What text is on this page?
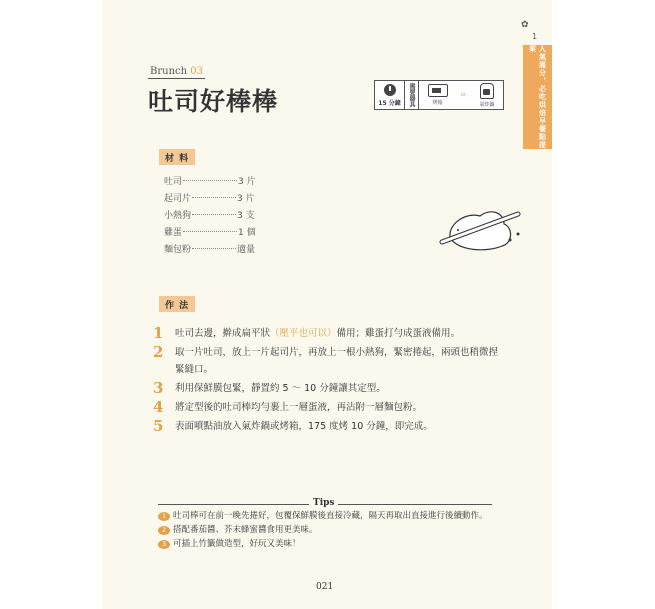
Brunch 03
吐司好棒棒	15 分鐘	需要器具	烤箱
or
氣炸鍋
✿
1
人氣滿分，必吃烘焙早餐點提案
材 料
吐司	3 片
起司片	3 片
小熱狗	3 支
雞蛋	1 個
麵包粉	適量
作 法
1	吐司去邊，擀成扁平狀（壓平也可以）備用；雞蛋打勻成蛋液備用。
2	取一片吐司，放上一片起司片，再放上一根小熱狗，緊密捲起，兩頭也稍微捏緊縫口。
3	利用保鮮膜包緊，靜置約 5 ～ 10 分鐘讓其定型。
4	將定型後的吐司棒均勻裹上一層蛋液，再沾附一層麵包粉。
5	表面噴點油放入氣炸鍋或烤箱，175 度烤 10 分鐘，即完成。
Tips
1 吐司棒可在前一晚先捲好，包覆保鮮膜後直接冷藏，隔天再取出直接進行後續動作。
2 搭配番茄醬、芥末蜂蜜醬食用更美味。
3 可插上竹籤做造型，好玩又美味！
021
